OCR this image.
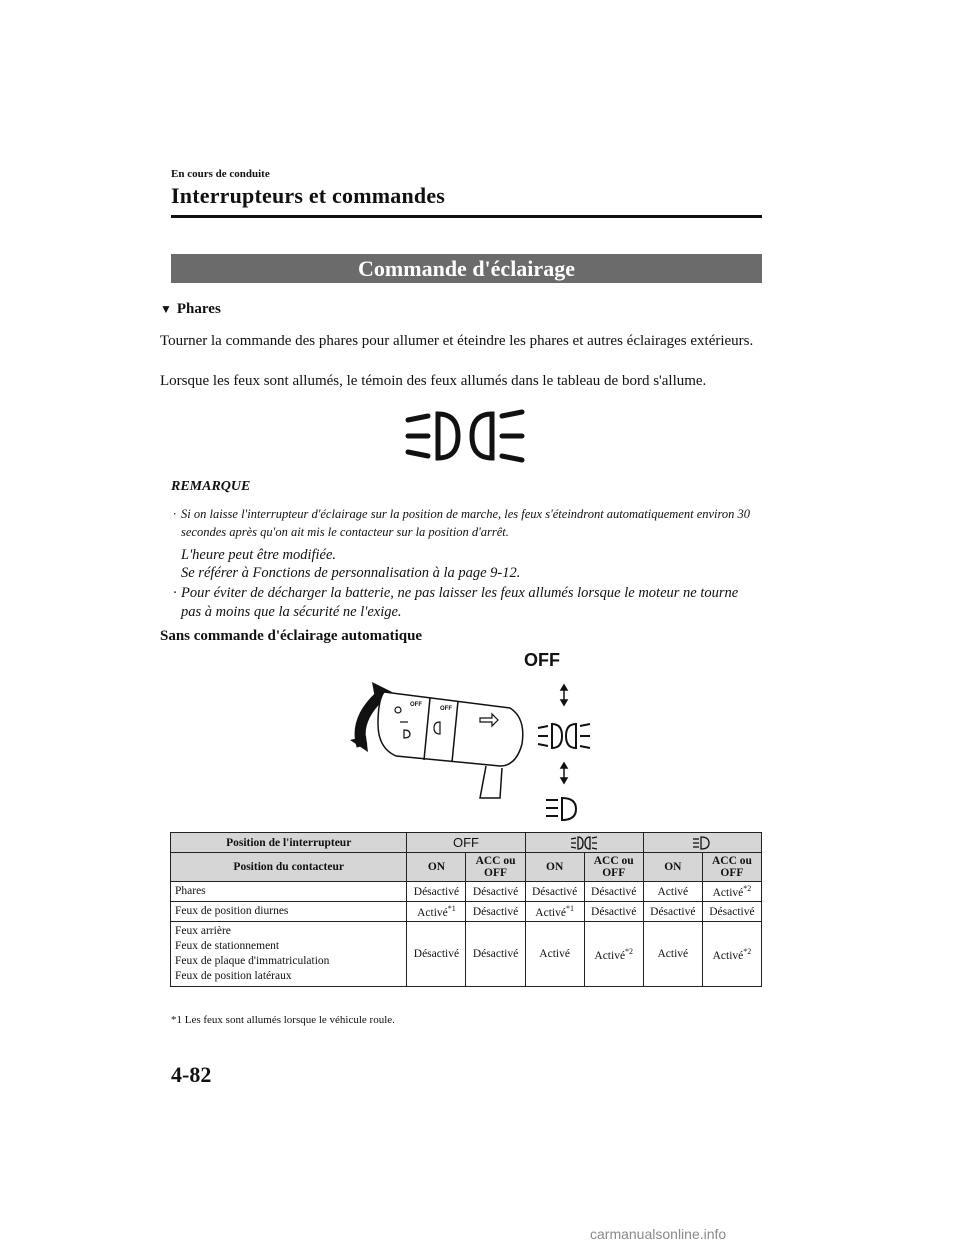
En cours de conduite
Interrupteurs et commandes
Commande d'éclairage
▼ Phares
Tourner la commande des phares pour allumer et éteindre les phares et autres éclairages extérieurs.
Lorsque les feux sont allumés, le témoin des feux allumés dans le tableau de bord s'allume.
REMARQUE
· Si on laisse l'interrupteur d'éclairage sur la position de marche, les feux s'éteindront automatiquement environ 30 secondes après qu'on ait mis le contacteur sur la position d'arrêt.
L'heure peut être modifiée.
Se référer à Fonctions de personnalisation à la page 9-12.
· Pour éviter de décharger la batterie, ne pas laisser les feux allumés lorsque le moteur ne tourne pas à moins que la sécurité ne l'exige.
Sans commande d'éclairage automatique
OFF
OFF
OFF
Position de l'interrupteur	OFF	

Position du contacteur	ON	ACC ou OFF	ON	ACC ou OFF	ON	ACC ou OFF

Phares	Désactivé	Désactivé	Désactivé	Désactivé	Activé	Activé$^{*2}$

Feux de position diurnes	Activé$^{*1}$	Désactivé	Activé$^{*1}$	Désactivé	Désactivé	Désactivé

Feux arrière
Feux de stationnement
Feux de plaque d'immatriculation
Feux de position latéraux	Désactivé	Désactivé	Activé	Activé$^{*2}$	Activé	Activé$^{*2}$
*1 Les feux sont allumés lorsque le véhicule roule.
4-82
carmanualsonline.info
